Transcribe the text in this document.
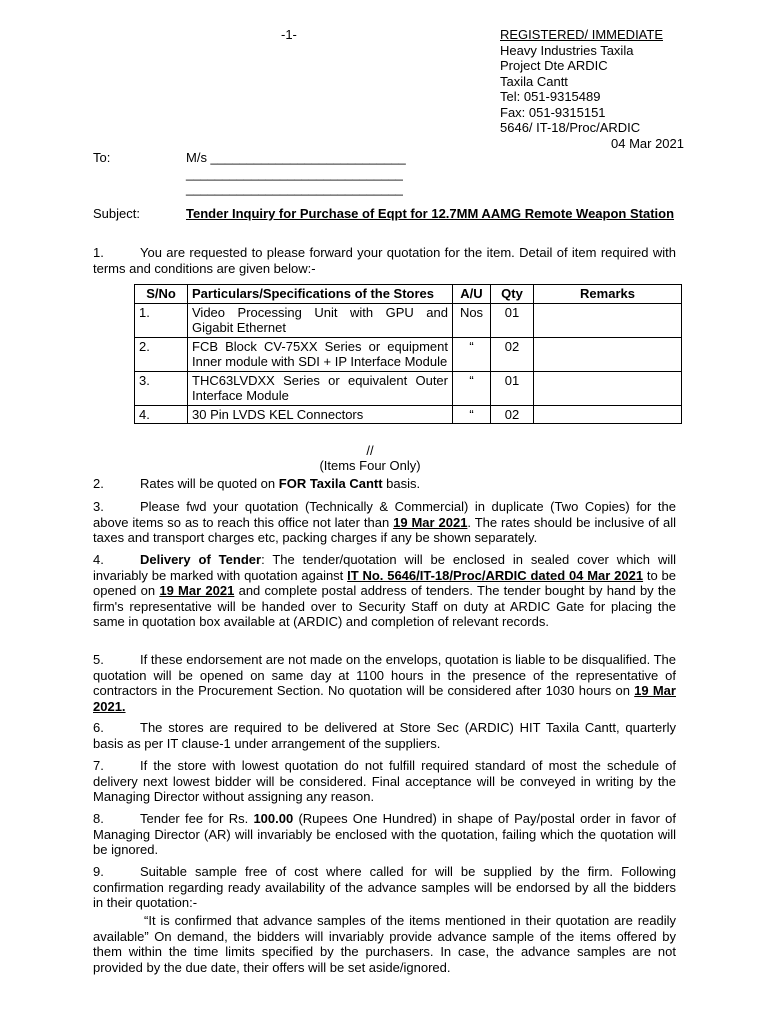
-1-	REGISTERED/ IMMEDIATE
Heavy Industries Taxila
Project Dte ARDIC
Taxila Cantt
Tel: 051-9315489
Fax: 051-9315151
5646/ IT-18/Proc/ARDIC
04 Mar 2021
To:	M/s ___________________________
______________________________
______________________________
Subject:	Tender Inquiry for Purchase of Eqpt for 12.7MM AAMG Remote Weapon Station
1.	You are requested to please forward your quotation for the item. Detail of item required with terms and conditions are given below:-
S/No	Particulars/Specifications of the Stores	A/U	Qty	Remarks
1.	Video Processing Unit with GPU and Gigabit Ethernet	Nos	01	
2.	FCB Block CV-75XX Series or equipment Inner module with SDI + IP Interface Module	“	02	
3.	THC63LVDXX Series or equivalent Outer Interface Module	“	01	
4.	30 Pin LVDS KEL Connectors	“	02	
//
(Items Four Only)
2.	Rates will be quoted on FOR Taxila Cantt basis.
3.	Please fwd your quotation (Technically & Commercial) in duplicate (Two Copies) for the above items so as to reach this office not later than 19 Mar 2021. The rates should be inclusive of all taxes and transport charges etc, packing charges if any be shown separately.
4.	Delivery of Tender: The tender/quotation will be enclosed in sealed cover which will invariably be marked with quotation against IT No. 5646/IT-18/Proc/ARDIC dated 04 Mar 2021 to be opened on 19 Mar 2021 and complete postal address of tenders. The tender bought by hand by the firm's representative will be handed over to Security Staff on duty at ARDIC Gate for placing the same in quotation box available at (ARDIC) and completion of relevant records.
5.	If these endorsement are not made on the envelops, quotation is liable to be disqualified. The quotation will be opened on same day at 1100 hours in the presence of the representative of contractors in the Procurement Section. No quotation will be considered after 1030 hours on 19 Mar 2021.
6.	The stores are required to be delivered at Store Sec (ARDIC) HIT Taxila Cantt, quarterly basis as per IT clause-1 under arrangement of the suppliers.
7.	If the store with lowest quotation do not fulfill required standard of most the schedule of delivery next lowest bidder will be considered. Final acceptance will be conveyed in writing by the Managing Director without assigning any reason.
8.	Tender fee for Rs. 100.00 (Rupees One Hundred) in shape of Pay/postal order in favor of Managing Director (AR) will invariably be enclosed with the quotation, failing which the quotation will be ignored.
9.	Suitable sample free of cost where called for will be supplied by the firm. Following confirmation regarding ready availability of the advance samples will be endorsed by all the bidders in their quotation:-
“It is confirmed that advance samples of the items mentioned in their quotation are readily available” On demand, the bidders will invariably provide advance sample of the items offered by them within the time limits specified by the purchasers. In case, the advance samples are not provided by the due date, their offers will be set aside/ignored.
